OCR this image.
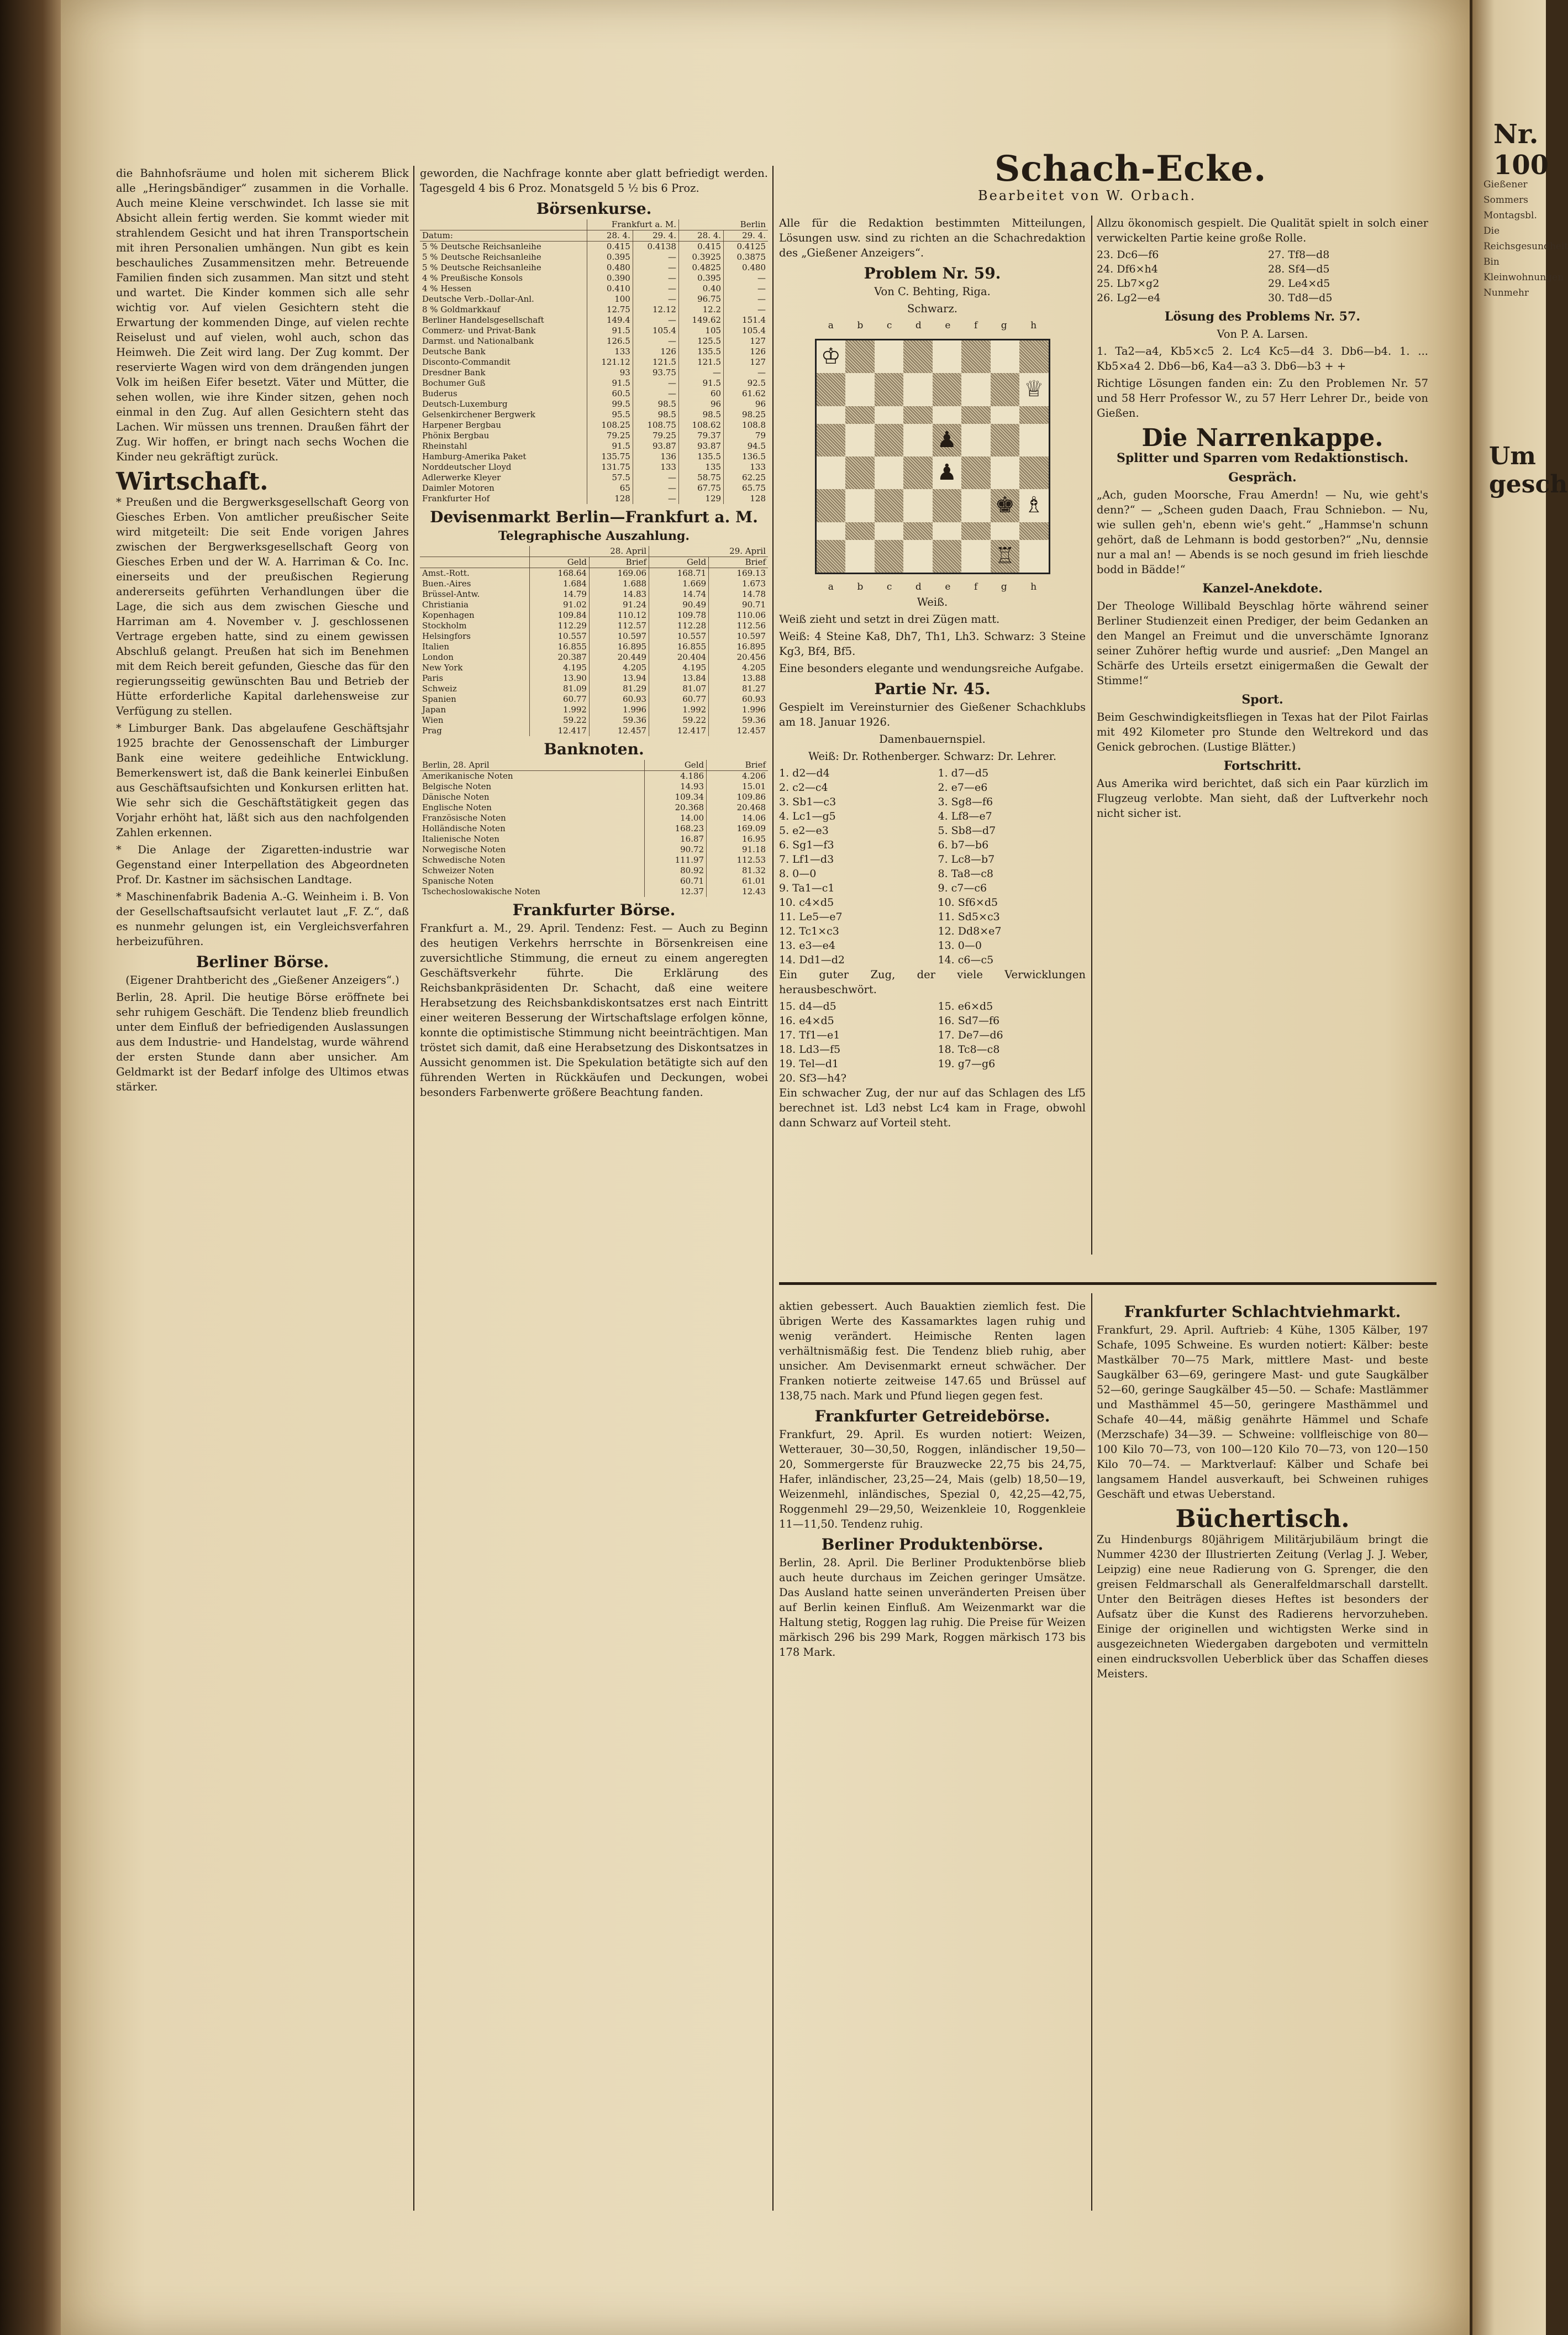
die Bahnhofsräume und holen mit sicherem Blick alle „Heringsbändiger“ zusammen in die Vorhalle. Auch meine Kleine verschwindet. Ich lasse sie mit Absicht allein fertig werden. Sie kommt wieder mit strahlendem Gesicht und hat ihren Transportschein mit ihren Personalien umhängen. Nun gibt es kein beschauliches Zusammensitzen mehr. Betreuende Familien finden sich zusammen. Man sitzt und steht und wartet. Die Kinder kommen sich alle sehr wichtig vor. Auf vielen Gesichtern steht die Erwartung der kommenden Dinge, auf vielen rechte Reiselust und auf vielen, wohl auch, schon das Heimweh. Die Zeit wird lang. Der Zug kommt. Der reservierte Wagen wird von dem drängenden jungen Volk im heißen Eifer besetzt. Väter und Mütter, die sehen wollen, wie ihre Kinder sitzen, gehen noch einmal in den Zug. Auf allen Gesichtern steht das Lachen. Wir müssen uns trennen. Draußen fährt der Zug. Wir hoffen, er bringt nach sechs Wochen die Kinder neu gekräftigt zurück.

Wirtschaft.

* Preußen und die Bergwerksgesellschaft Georg von Giesches Erben. Von amtlicher preußischer Seite wird mitgeteilt: Die seit Ende vorigen Jahres zwischen der Bergwerksgesellschaft Georg von Giesches Erben und der W. A. Harriman & Co. Inc. einerseits und der preußischen Regierung andererseits geführten Verhandlungen über die Lage, die sich aus dem zwischen Giesche und Harriman am 4. November v. J. geschlossenen Vertrage ergeben hatte, sind zu einem gewissen Abschluß gelangt. Preußen hat sich im Benehmen mit dem Reich bereit gefunden, Giesche das für den regierungsseitig gewünschten Bau und Betrieb der Hütte erforderliche Kapital darlehensweise zur Verfügung zu stellen.

* Limburger Bank. Das abgelaufene Geschäftsjahr 1925 brachte der Genossenschaft der Limburger Bank eine weitere gedeihliche Entwicklung. Bemerkenswert ist, daß die Bank keinerlei Einbußen aus Geschäftsaufsichten und Konkursen erlitten hat. Wie sehr sich die Geschäftstätigkeit gegen das Vorjahr erhöht hat, läßt sich aus den nachfolgenden Zahlen erkennen.

* Die Anlage der Zigaretten-industrie war Gegenstand einer Interpellation des Abgeordneten Prof. Dr. Kastner im sächsischen Landtage.

* Maschinenfabrik Badenia A.-G. Weinheim i. B. Von der Gesellschaftsaufsicht verlautet laut „F. Z.“, daß es nunmehr gelungen ist, ein Vergleichsverfahren herbeizuführen.

Berliner Börse.

(Eigener Drahtbericht des „Gießener Anzeigers“.)

Berlin, 28. April. Die heutige Börse eröffnete bei sehr ruhigem Geschäft. Die Tendenz blieb freundlich unter dem Einfluß der befriedigenden Auslassungen aus dem Industrie- und Handelstag, wurde während der ersten Stunde dann aber unsicher. Am Geldmarkt ist der Bedarf infolge des Ultimos etwas stärker.

geworden, die Nachfrage konnte aber glatt befriedigt werden. Tagesgeld 4 bis 6 Proz. Monatsgeld 5 ½ bis 6 Proz.

Börsenkurse.
	Frankfurt a. M.		Berlin	
Datum:	28. 4.	29. 4.	28. 4.	29. 4.
5 % Deutsche Reichsanleihe	0.415	0.4138	0.415	0.4125
5 % Deutsche Reichsanleihe	0.395	—	0.3925	0.3875
5 % Deutsche Reichsanleihe	0.480	—	0.4825	0.480
4 % Preußische Konsols	0.390	—	0.395	—
4 % Hessen	0.410	—	0.40	—
Deutsche Verb.-Dollar-Anl.	100	—	96.75	—
8 % Goldmarkkauf	12.75	12.12	12.2	—
Berliner Handelsgesellschaft	149.4	—	149.62	151.4
Commerz- und Privat-Bank	91.5	105.4	105	105.4
Darmst. und Nationalbank	126.5	—	125.5	127
Deutsche Bank	133	126	135.5	126
Disconto-Commandit	121.12	121.5	121.5	127
Dresdner Bank	93	93.75	—	—
Bochumer Guß	91.5	—	91.5	92.5
Buderus	60.5	—	60	61.62
Deutsch-Luxemburg	99.5	98.5	96	96
Gelsenkirchener Bergwerk	95.5	98.5	98.5	98.25
Harpener Bergbau	108.25	108.75	108.62	108.8
Phönix Bergbau	79.25	79.25	79.37	79
Rheinstahl	91.5	93.87	93.87	94.5
Hamburg-Amerika Paket	135.75	136	135.5	136.5
Norddeutscher Lloyd	131.75	133	135	133
Adlerwerke Kleyer	57.5	—	58.75	62.25
Daimler Motoren	65	—	67.75	65.75
Frankfurter Hof	128	—	129	128
Devisenmarkt Berlin—Frankfurt a. M.
Telegraphische Auszahlung.
	28. April		29. April	
	Geld	Brief	Geld	Brief
Amst.-Rott.	168.64	169.06	168.71	169.13
Buen.-Aires	1.684	1.688	1.669	1.673
Brüssel-Antw.	14.79	14.83	14.74	14.78
Christiania	91.02	91.24	90.49	90.71
Kopenhagen	109.84	110.12	109.78	110.06
Stockholm	112.29	112.57	112.28	112.56
Helsingfors	10.557	10.597	10.557	10.597
Italien	16.855	16.895	16.855	16.895
London	20.387	20.449	20.404	20.456
New York	4.195	4.205	4.195	4.205
Paris	13.90	13.94	13.84	13.88
Schweiz	81.09	81.29	81.07	81.27
Spanien	60.77	60.93	60.77	60.93
Japan	1.992	1.996	1.992	1.996
Wien	59.22	59.36	59.22	59.36
Prag	12.417	12.457	12.417	12.457
Banknoten.
Berlin, 28. April	Geld	Brief
Amerikanische Noten	4.186	4.206
Belgische Noten	14.93	15.01
Dänische Noten	109.34	109.86
Englische Noten	20.368	20.468
Französische Noten	14.00	14.06
Holländische Noten	168.23	169.09
Italienische Noten	16.87	16.95
Norwegische Noten	90.72	91.18
Schwedische Noten	111.97	112.53
Schweizer Noten	80.92	81.32
Spanische Noten	60.71	61.01
Tschechoslowakische Noten	12.37	12.43
Frankfurter Börse.

Frankfurt a. M., 29. April. Tendenz: Fest. — Auch zu Beginn des heutigen Verkehrs herrschte in Börsenkreisen eine zuversichtliche Stimmung, die erneut zu einem angeregten Geschäftsverkehr führte. Die Erklärung des Reichsbankpräsidenten Dr. Schacht, daß eine weitere Herabsetzung des Reichsbankdiskontsatzes erst nach Eintritt einer weiteren Besserung der Wirtschaftslage erfolgen könne, konnte die optimistische Stimmung nicht beeinträchtigen. Man tröstet sich damit, daß eine Herabsetzung des Diskontsatzes in Aussicht genommen ist. Die Spekulation betätigte sich auf den führenden Werten in Rückkäufen und Deckungen, wobei besonders Farbenwerte größere Beachtung fanden.

Schach-Ecke.
Bearbeitet von W. Orbach.

Alle für die Redaktion bestimmten Mitteilungen, Lösungen usw. sind zu richten an die Schachredaktion des „Gießener Anzeigers“.

Problem Nr. 59.

Von C. Behting, Riga.

Schwarz.

a	b	c	d	e	f	g	h
♔
♕
♟
♟
♚ ♗
♖
a	b	c	d	e	f	g	h

Weiß.

Weiß zieht und setzt in drei Zügen matt.

Weiß: 4 Steine Ka8, Dh7, Th1, Lh3. Schwarz: 3 Steine Kg3, Bf4, Bf5.

Eine besonders elegante und wendungsreiche Aufgabe.

Partie Nr. 45.

Gespielt im Vereinsturnier des Gießener Schachklubs am 18. Januar 1926.

Damenbauernspiel.

Weiß: Dr. Rothenberger. Schwarz: Dr. Lehrer.

1. d2—d4	1. d7—d5
2. c2—c4	2. e7—e6
3. Sb1—c3	3. Sg8—f6
4. Lc1—g5	4. Lf8—e7
5. e2—e3	5. Sb8—d7
6. Sg1—f3	6. b7—b6
7. Lf1—d3	7. Lc8—b7
8. 0—0	8. Ta8—c8
9. Ta1—c1	9. c7—c6
10. c4×d5	10. Sf6×d5
11. Le5—e7	11. Sd5×c3
12. Tc1×c3	12. Dd8×e7
13. e3—e4	13. 0—0
14. Dd1—d2	14. c6—c5

Ein guter Zug, der viele Verwicklungen herausbeschwört.

15. d4—d5	15. e6×d5
16. e4×d5	16. Sd7—f6
17. Tf1—e1	17. De7—d6
18. Ld3—f5	18. Tc8—c8
19. Tel—d1	19. g7—g6
20. Sf3—h4?

Ein schwacher Zug, der nur auf das Schlagen des Lf5 berechnet ist. Ld3 nebst Lc4 kam in Frage, obwohl dann Schwarz auf Vorteil steht.

Allzu ökonomisch gespielt. Die Qualität spielt in solch einer verwickelten Partie keine große Rolle.

23. Dc6—f6	27. Tf8—d8
24. Df6×h4	28. Sf4—d5
25. Lb7×g2	29. Le4×d5
26. Lg2—e4	30. Td8—d5
Lösung des Problems Nr. 57.

Von P. A. Larsen.

1. Ta2—a4, Kb5×c5 2. Lc4 Kc5—d4 3. Db6—b4. 1. ... Kb5×a4 2. Db6—b6, Ka4—a3 3. Db6—b3 + +

Richtige Lösungen fanden ein: Zu den Problemen Nr. 57 und 58 Herr Professor W., zu 57 Herr Lehrer Dr., beide von Gießen.

Die Narrenkappe.
Splitter und Sparren vom Redaktionstisch.
Gespräch.

„Ach, guden Moorsche, Frau Amerdn! — Nu, wie geht's denn?“ — „Scheen guden Daach, Frau Schniebon. — Nu, wie sullen geh'n, ebenn wie's geht.“ „Hammse'n schunn gehört, daß de Lehmann is bodd gestorben?“ „Nu, dennsie nur a mal an! — Abends is se noch gesund im frieh lieschde bodd in Bädde!“

Kanzel-Anekdote.

Der Theologe Willibald Beyschlag hörte während seiner Berliner Studienzeit einen Prediger, der beim Gedanken an den Mangel an Freimut und die unverschämte Ignoranz seiner Zuhörer heftig wurde und ausrief: „Den Mangel an Schärfe des Urteils ersetzt einigermaßen die Gewalt der Stimme!“

Sport.

Beim Geschwindigkeitsfliegen in Texas hat der Pilot Fairlas mit 492 Kilometer pro Stunde den Weltrekord und das Genick gebrochen. (Lustige Blätter.)

Fortschritt.

Aus Amerika wird berichtet, daß sich ein Paar kürzlich im Flugzeug verlobte. Man sieht, daß der Luftverkehr noch nicht sicher ist.

aktien gebessert. Auch Bauaktien ziemlich fest. Die übrigen Werte des Kassamarktes lagen ruhig und wenig verändert. Heimische Renten lagen verhältnismäßig fest. Die Tendenz blieb ruhig, aber unsicher. Am Devisenmarkt erneut schwächer. Der Franken notierte zeitweise 147.65 und Brüssel auf 138,75 nach. Mark und Pfund liegen gegen fest.

Frankfurter Getreidebörse.

Frankfurt, 29. April. Es wurden notiert: Weizen, Wetterauer, 30—30,50, Roggen, inländischer 19,50—20, Sommergerste für Brauzwecke 22,75 bis 24,75, Hafer, inländischer, 23,25—24, Mais (gelb) 18,50—19, Weizenmehl, inländisches, Spezial 0, 42,25—42,75, Roggenmehl 29—29,50, Weizenkleie 10, Roggenkleie 11—11,50. Tendenz ruhig.

Berliner Produktenbörse.

Berlin, 28. April. Die Berliner Produktenbörse blieb auch heute durchaus im Zeichen geringer Umsätze. Das Ausland hatte seinen unveränderten Preisen über auf Berlin keinen Einfluß. Am Weizenmarkt war die Haltung stetig, Roggen lag ruhig. Die Preise für Weizen märkisch 296 bis 299 Mark, Roggen märkisch 173 bis 178 Mark.

Frankfurter Schlachtviehmarkt.

Frankfurt, 29. April. Auftrieb: 4 Kühe, 1305 Kälber, 197 Schafe, 1095 Schweine. Es wurden notiert: Kälber: beste Mastkälber 70—75 Mark, mittlere Mast- und beste Saugkälber 63—69, geringere Mast- und gute Saugkälber 52—60, geringe Saugkälber 45—50. — Schafe: Mastlämmer und Masthämmel 45—50, geringere Masthämmel und Schafe 40—44, mäßig genährte Hämmel und Schafe (Merzschafe) 34—39. — Schweine: vollfleischige von 80—100 Kilo 70—73, von 100—120 Kilo 70—73, von 120—150 Kilo 70—74. — Marktverlauf: Kälber und Schafe bei langsamem Handel ausverkauft, bei Schweinen ruhiges Geschäft und etwas Ueberstand.

Büchertisch.

Zu Hindenburgs 80jährigem Militärjubiläum bringt die Nummer 4230 der Illustrierten Zeitung (Verlag J. J. Weber, Leipzig) eine neue Radierung von G. Sprenger, die den greisen Feldmarschall als Generalfeldmarschall darstellt. Unter den Beiträgen dieses Heftes ist besonders der Aufsatz über die Kunst des Radierens hervorzuheben. Einige der originellen und wichtigsten Werke sind in ausgezeichneten Wiedergaben dargeboten und vermitteln einen eindrucksvollen Ueberblick über das Schaffen dieses Meisters.

Nr. 100
Gießener Sommers Montagsbl. Die Reichsgesundheit Bin Kleinwohnungen Nunmehr
Um gesch
